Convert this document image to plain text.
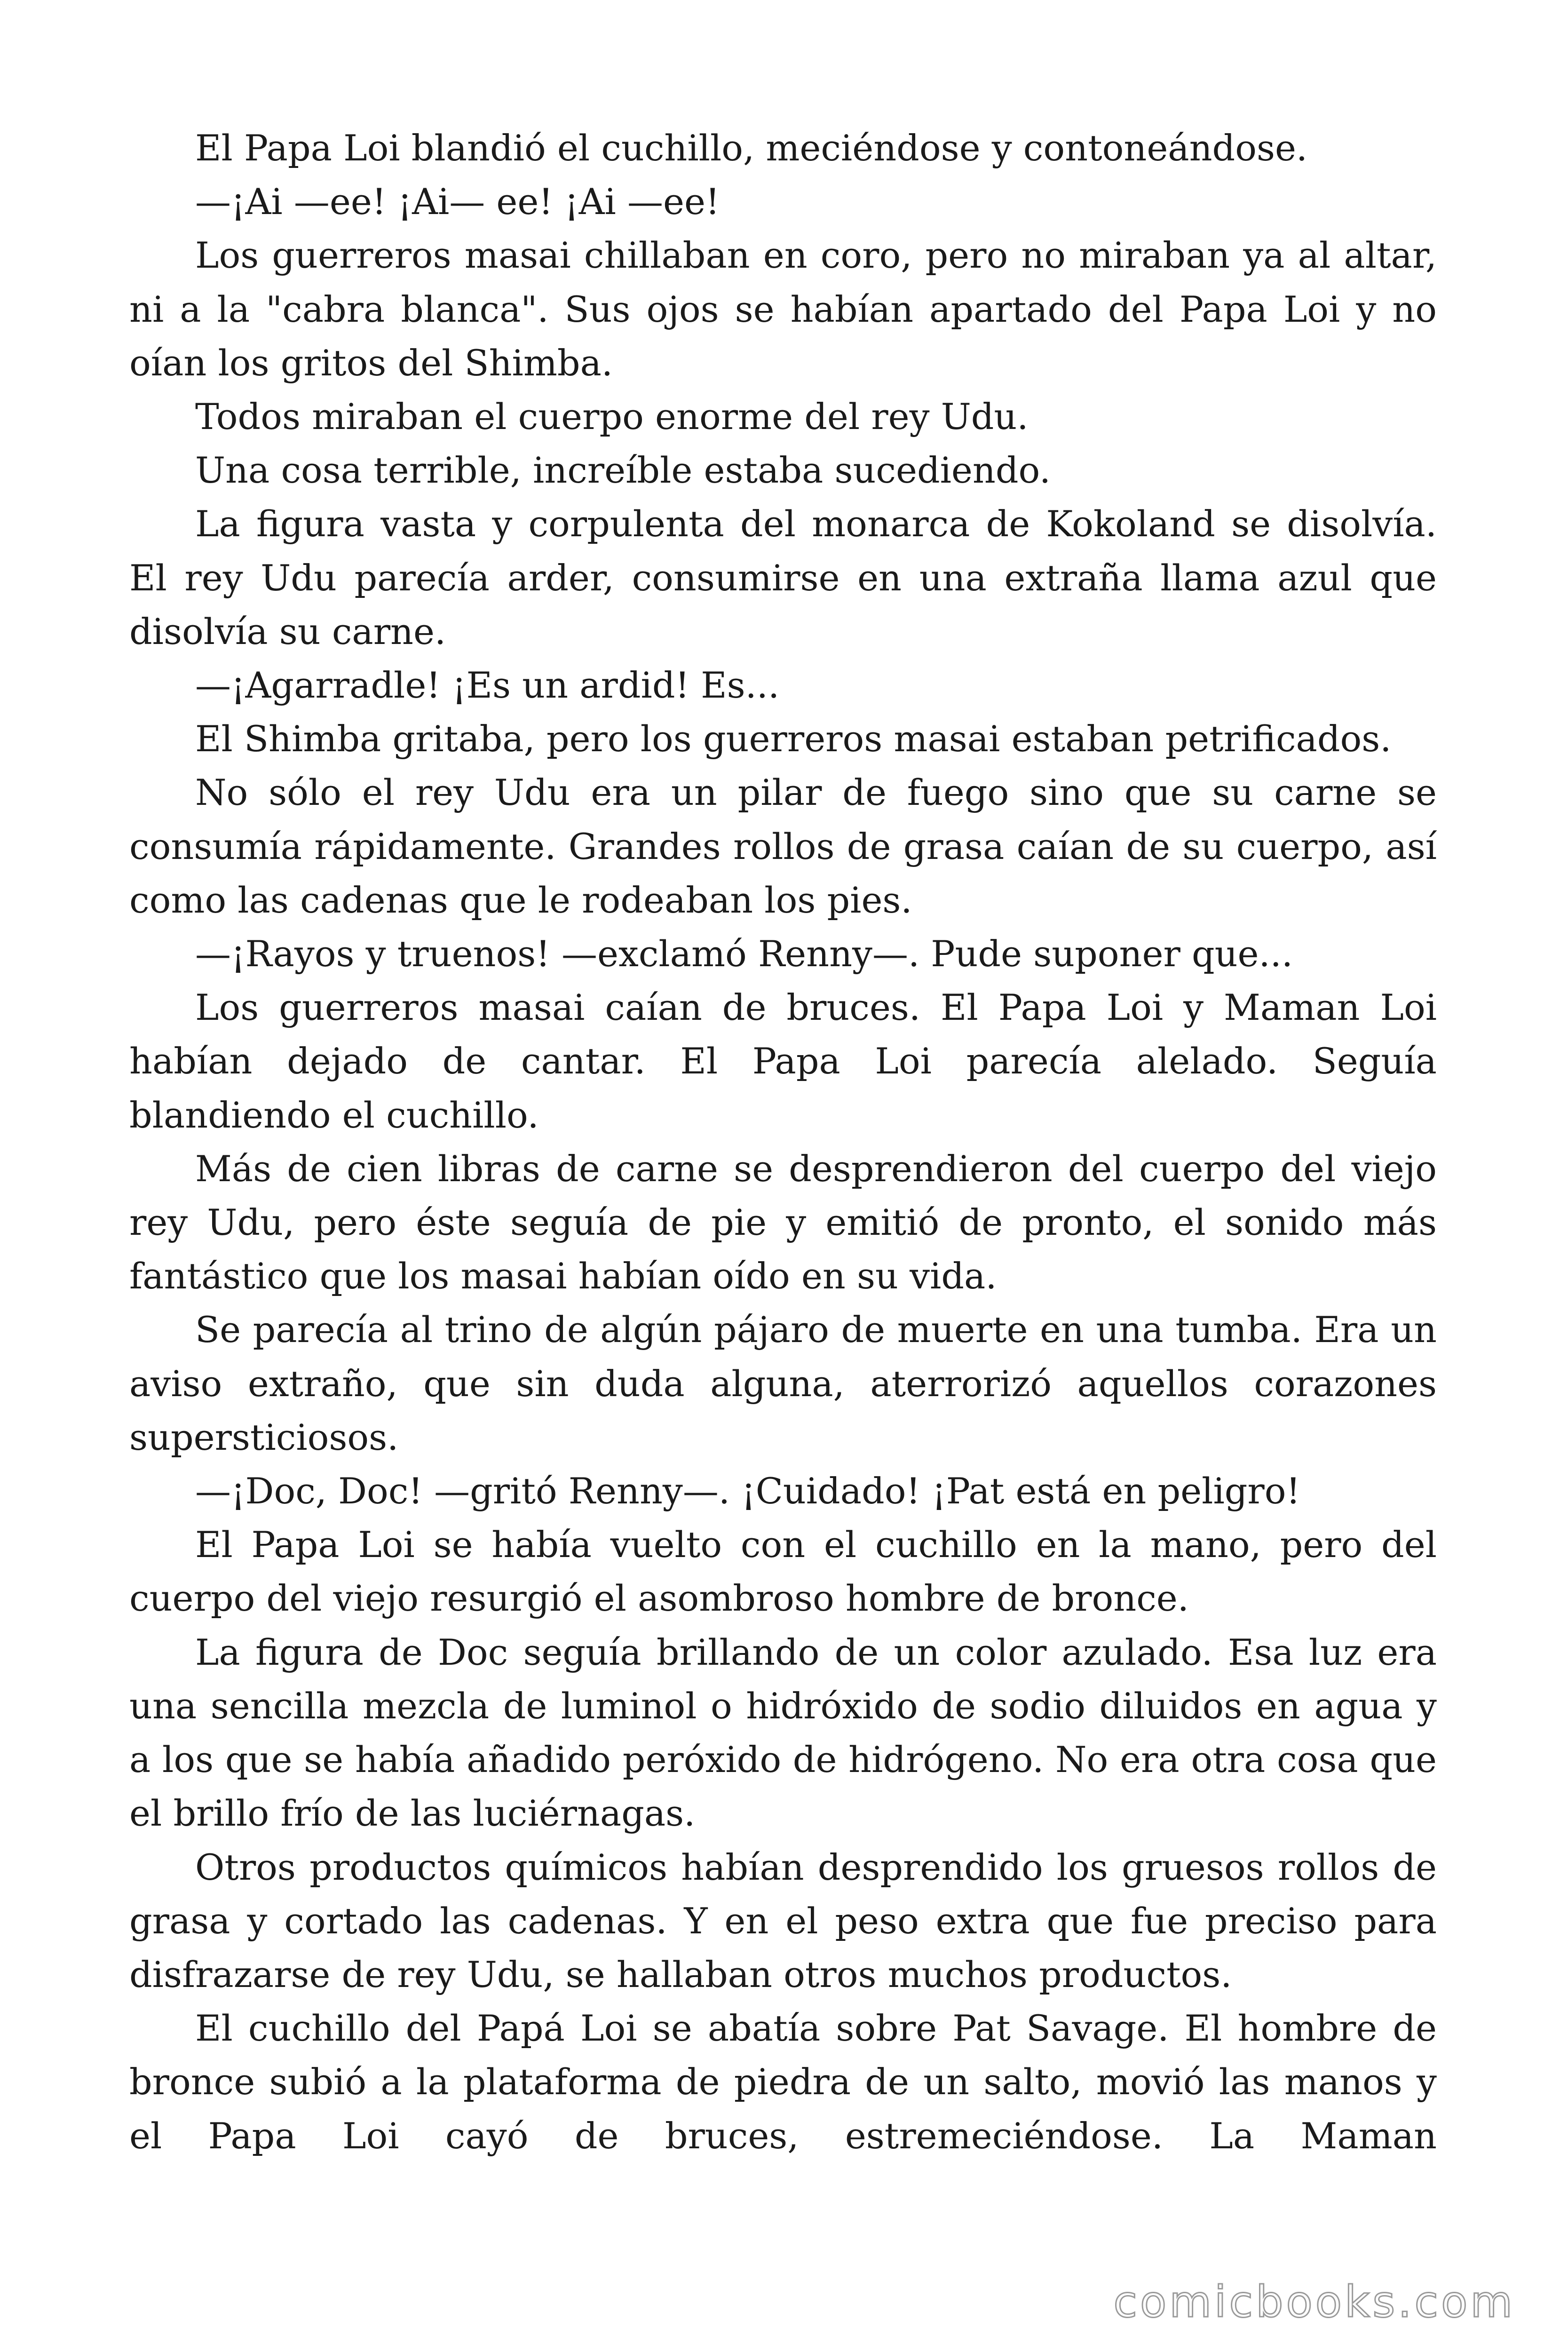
El Papa Loi blandió el cuchillo, meciéndose y contoneándose.

—¡Ai —ee! ¡Ai— ee! ¡Ai —ee!

Los guerreros masai chillaban en coro, pero no miraban ya al altar, ni a la "cabra blanca". Sus ojos se habían apartado del Papa Loi y no oían los gritos del Shimba.

Todos miraban el cuerpo enorme del rey Udu.

Una cosa terrible, increíble estaba sucediendo.

La figura vasta y corpulenta del monarca de Kokoland se disolvía. El rey Udu parecía arder, consumirse en una extraña llama azul que disolvía su carne.

—¡Agarradle! ¡Es un ardid! Es...

El Shimba gritaba, pero los guerreros masai estaban petrificados.

No sólo el rey Udu era un pilar de fuego sino que su carne se consumía rápidamente. Grandes rollos de grasa caían de su cuerpo, así como las cadenas que le rodeaban los pies.

—¡Rayos y truenos! —exclamó Renny—. Pude suponer que...

Los guerreros masai caían de bruces. El Papa Loi y Maman Loi habían dejado de cantar. El Papa Loi parecía alelado. Seguía blandiendo el cuchillo.

Más de cien libras de carne se desprendieron del cuerpo del viejo rey Udu, pero éste seguía de pie y emitió de pronto, el sonido más fantástico que los masai habían oído en su vida.

Se parecía al trino de algún pájaro de muerte en una tumba. Era un aviso extraño, que sin duda alguna, aterrorizó aquellos corazones supersticiosos.

—¡Doc, Doc! —gritó Renny—. ¡Cuidado! ¡Pat está en peligro!

El Papa Loi se había vuelto con el cuchillo en la mano, pero del cuerpo del viejo resurgió el asombroso hombre de bronce.

La figura de Doc seguía brillando de un color azulado. Esa luz era una sencilla mezcla de luminol o hidróxido de sodio diluidos en agua y a los que se había añadido peróxido de hidrógeno. No era otra cosa que el brillo frío de las luciérnagas.

Otros productos químicos habían desprendido los gruesos rollos de grasa y cortado las cadenas. Y en el peso extra que fue preciso para disfrazarse de rey Udu, se hallaban otros muchos productos.

El cuchillo del Papá Loi se abatía sobre Pat Savage. El hombre de bronce subió a la plataforma de piedra de un salto, movió las manos y el Papa Loi cayó de bruces, estremeciéndose. La Maman

comicbooks.com
